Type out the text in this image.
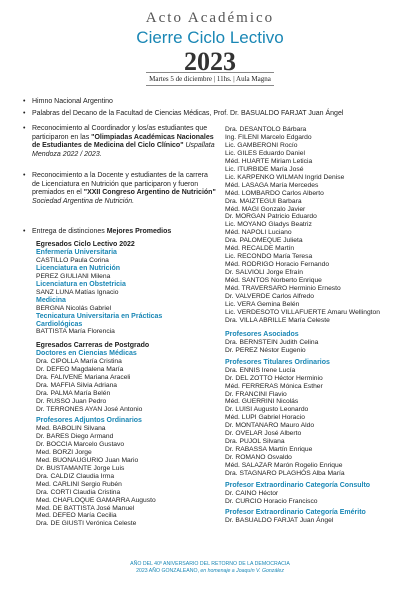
Acto Académico
Cierre Ciclo Lectivo
2023
Martes 5 de diciembre | 11hs. | Aula Magna
• Himno Nacional Argentino
• Palabras del Decano de la Facultad de Ciencias Médicas, Prof. Dr. BASUALDO FARJAT Juan Ángel
• Reconocimiento al Coordinador y los/as estudiantes que participaron en las "Olimpiadas Académicas Nacionales de Estudiantes de Medicina del Ciclo Clínico" Uspallata Mendoza 2022 / 2023.
• Reconocimiento a la Docente y estudiantes de la carrera de Licenciatura en Nutrición que participaron y fueron premiados en el "XXII Congreso Argentino de Nutrición" Sociedad Argentina de Nutrición.
• Entrega de distinciones Mejores Promedios
Egresados Ciclo Lectivo 2022
Enfermería Universitaria
CASTILLO Paula Corina
Licenciatura en Nutrición
PEREZ GIULIANI Milena
Licenciatura en Obstetricia
SANZ LUNA Matías Ignacio
Medicina
BERGNA Nicolás Gabriel
Tecnicatura Universitaria en Prácticas Cardiológicas
BATTISTA María Florencia
Egresados Carreras de Postgrado
Doctores en Ciencias Médicas
Dra. CIPOLLA María Cristina
Dr. DEFEO Magdalena María
Dra. FALIVENE Mariana Araceli
Dra. MAFFIA Silvia Adriana
Dra. PALMA María Belén
Dr. RUSSO Juan Pedro
Dr. TERRONES AYAN José Antonio
Profesores Adjuntos Ordinarios
Med. BABOLIN Silvana
Dr. BARES Diego Armand
Dr. BOCCIA Marcelo Gustavo
Med. BORZI Jorge
Med. BUONAUGURIO Juan Mario
Dr. BUSTAMANTE Jorge Luis
Dra. CALDIZ Claudia Irma
Med. CARLINI Sergio Rubén
Dra. CORTI Claudia Cristina
Med. CHAFLOQUE GAMARRA Augusto
Med. DE BATTISTA José Manuel
Med. DEFEO María Cecilia
Dra. DE GIUSTI Verónica Celeste
Dra. DESANTOLO Bárbara
Ing. FILENI Marcelo Edgardo
Lic. GAMBERONI Rocío
Lic. GILES Eduardo Daniel
Méd. HUARTE Miriam Leticia
Lic. ITURBIDE María José
Lic. KARPENKO WILMAN Ingrid Denise
Méd. LASAGA María Mercedes
Méd. LOMBARDO Carlos Alberto
Dra. MAIZTEGUI Barbara
Méd. MAGI Gonzalo Javier
Dr. MORGAN Patricio Eduardo
Lic. MOYANO Gladys Beatriz
Méd. NAPOLI Luciano
Dra. PALOMEQUE Julieta
Méd. RECALDE Martín
Lic. RECONDO María Teresa
Méd. RODRIGO Horacio Fernando
Dr. SALVIOLI Jorge Efraín
Méd. SANTOS Norberto Enrique
Méd. TRAVERSARO Herminio Ernesto
Dr. VALVERDE Carlos Alfredo
Lic. VERA Gemina Belén
Lic. VERDESOTO VILLAFUERTE Amaru Wellington
Dra. VILLA ABRILLE María Celeste
Profesores Asociados
Dra. BERNSTEIN Judith Celina
Dr. PEREZ Néstor Eugenio
Profesores Titulares Ordinarios
Dra. ENNIS Irene Lucía
Dr. DEL ZOTTO Héctor Herminio
Méd. FERRERAS Mónica Esther
Dr. FRANCINI Flavio
Méd. GUERRINI Nicolás
Dr. LUISI Augusto Leonardo
Méd. LUPI Gabriel Horacio
Dr. MONTANARO Mauro Aldo
Dr. OVELAR José Alberto
Dra. PUJOL Silvana
Dr. RABASSA Martín Enrique
Dr. ROMANO Osvaldo
Méd. SALAZAR Marón Rogelio Enrique
Dra. STAGNARO PLAGHÓS Alba María
Profesor Extraordinario Categoría Consulto
Dr. CAINO Héctor
Dr. CURCIO Horacio Francisco
Profesor Extraordinario Categoría Emérito
Dr. BASUALDO FARJAT Juan Ángel
AÑO DEL 40º ANIVERSARIO DEL RETORNO DE LA DEMOCRACIA
2023 AÑO GONZALEANO, en homenaje a Joaquín V. González
